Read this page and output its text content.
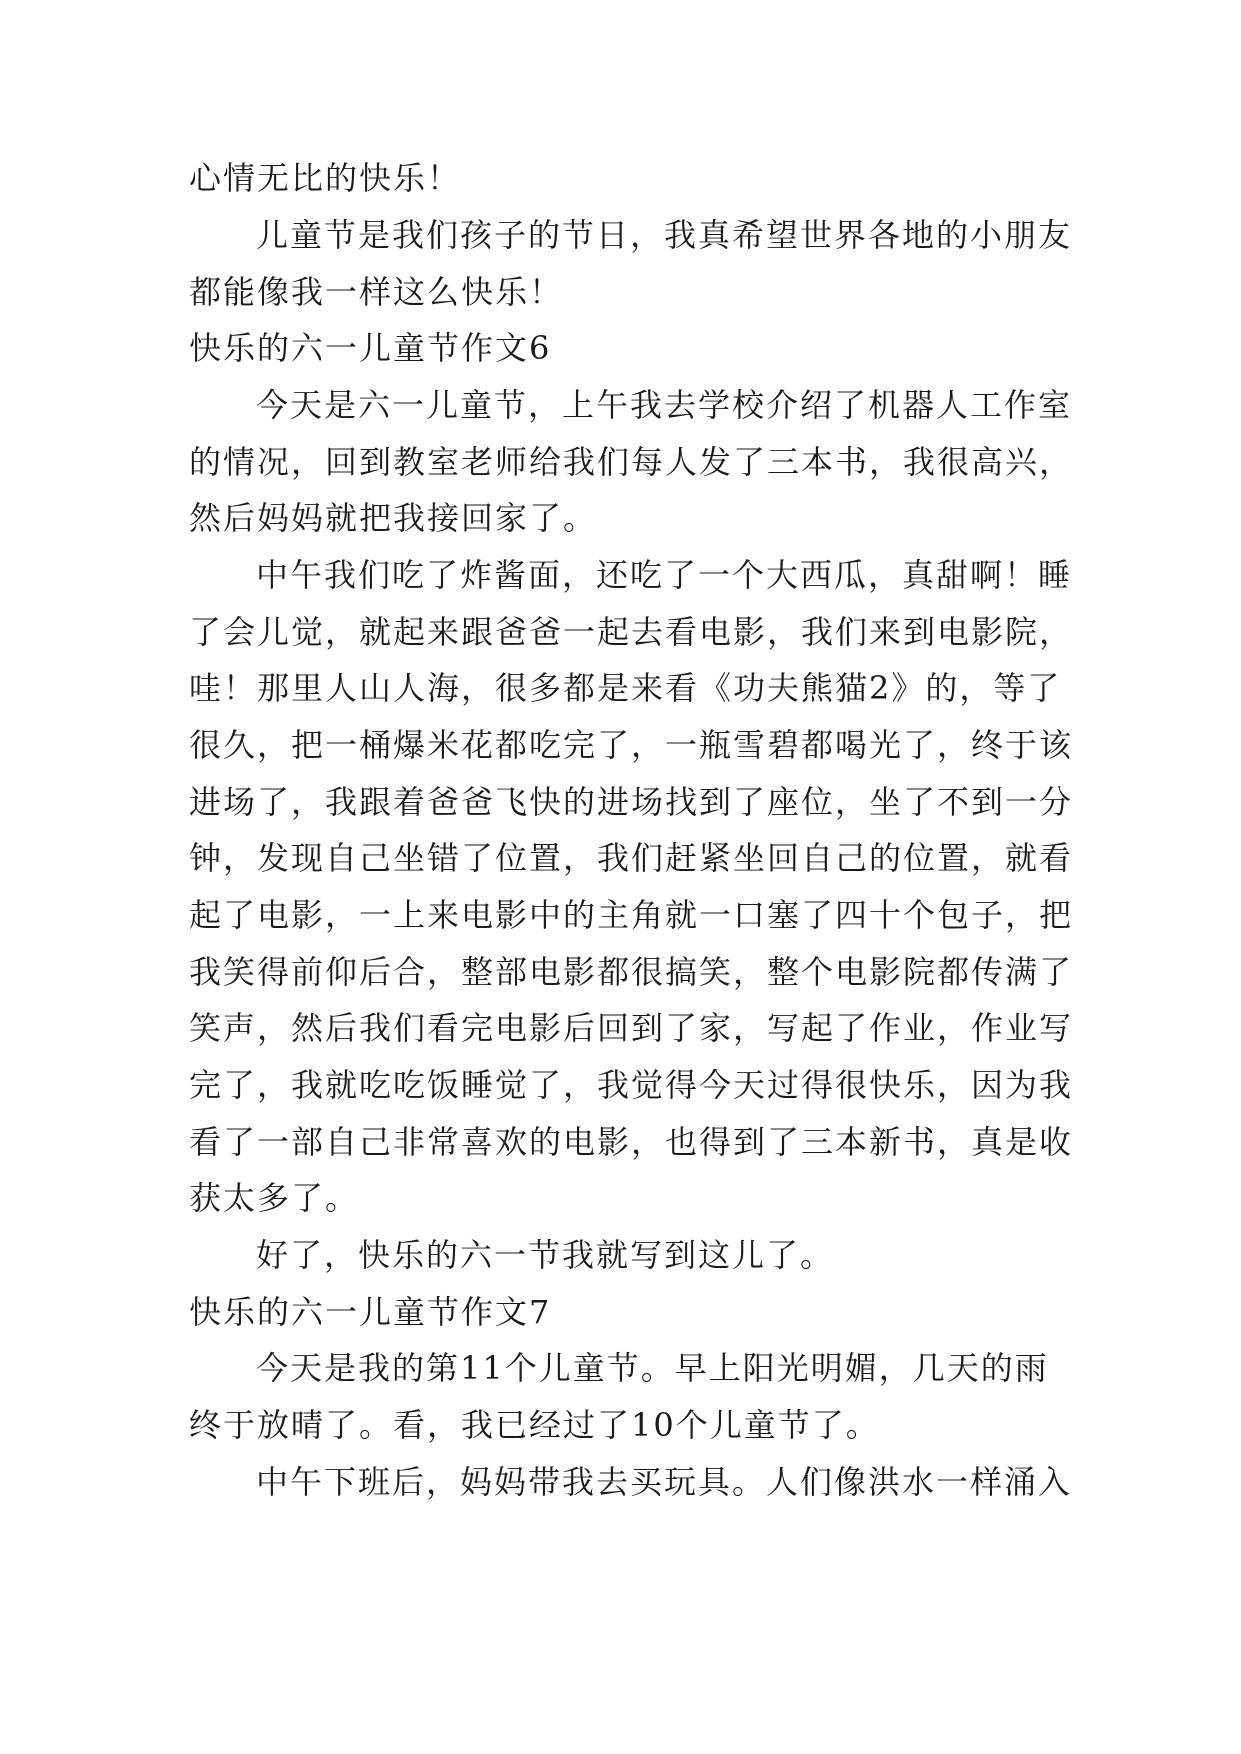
心情无比的快乐！
儿童节是我们孩子的节日，我真希望世界各地的小朋友
都能像我一样这么快乐！
快乐的六一儿童节作文6
今天是六一儿童节，上午我去学校介绍了机器人工作室
的情况，回到教室老师给我们每人发了三本书，我很高兴，
然后妈妈就把我接回家了。
中午我们吃了炸酱面，还吃了一个大西瓜，真甜啊！睡
了会儿觉，就起来跟爸爸一起去看电影，我们来到电影院，
哇！那里人山人海，很多都是来看《功夫熊猫2》的，等了
很久，把一桶爆米花都吃完了，一瓶雪碧都喝光了，终于该
进场了，我跟着爸爸飞快的进场找到了座位，坐了不到一分
钟，发现自己坐错了位置，我们赶紧坐回自己的位置，就看
起了电影，一上来电影中的主角就一口塞了四十个包子，把
我笑得前仰后合，整部电影都很搞笑，整个电影院都传满了
笑声，然后我们看完电影后回到了家，写起了作业，作业写
完了，我就吃吃饭睡觉了，我觉得今天过得很快乐，因为我
看了一部自己非常喜欢的电影，也得到了三本新书，真是收
获太多了。
好了，快乐的六一节我就写到这儿了。
快乐的六一儿童节作文7
今天是我的第11个儿童节。早上阳光明媚，几天的雨
终于放晴了。看，我已经过了10个儿童节了。
中午下班后，妈妈带我去买玩具。人们像洪水一样涌入
